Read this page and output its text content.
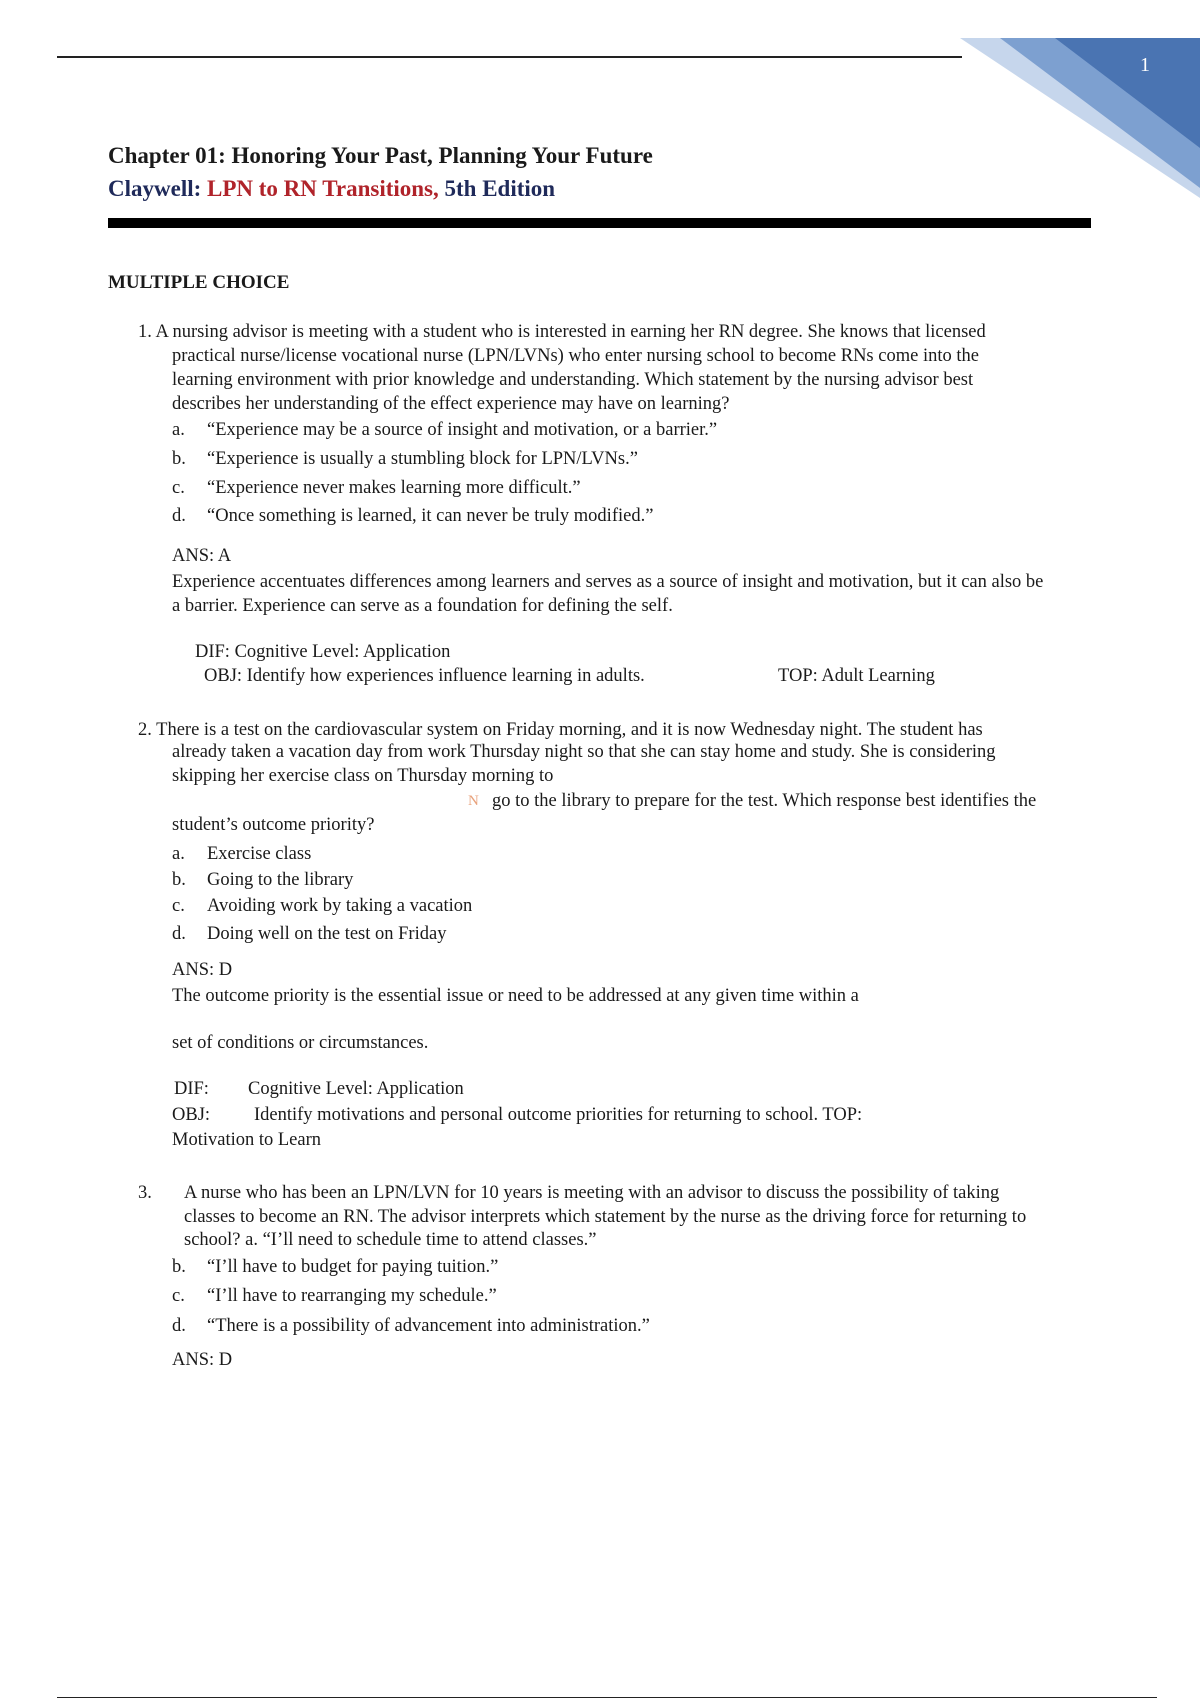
1
Chapter 01: Honoring Your Past, Planning Your Future
Claywell: LPN to RN Transitions, 5th Edition
MULTIPLE CHOICE
1. A nursing advisor is meeting with a student who is interested in earning her RN degree. She knows that licensed
practical nurse/license vocational nurse (LPN/LVNs) who enter nursing school to become RNs come into the
learning environment with prior knowledge and understanding. Which statement by the nursing advisor best
describes her understanding of the effect experience may have on learning?
a. “Experience may be a source of insight and motivation, or a barrier.”
b. “Experience is usually a stumbling block for LPN/LVNs.”
c. “Experience never makes learning more difficult.”
d. “Once something is learned, it can never be truly modified.”
ANS: A
Experience accentuates differences among learners and serves as a source of insight and motivation, but it can also be
a barrier. Experience can serve as a foundation for defining the self.
DIF: Cognitive Level: Application
OBJ: Identify how experiences influence learning in adults.	TOP: Adult Learning
2. There is a test on the cardiovascular system on Friday morning, and it is now Wednesday night. The student has
already taken a vacation day from work Thursday night so that she can stay home and study. She is considering
skipping her exercise class on Thursday morning to
N go to the library to prepare for the test. Which response best identifies the
student’s outcome priority?
a. Exercise class
b. Going to the library
c. Avoiding work by taking a vacation
d. Doing well on the test on Friday
ANS: D
The outcome priority is the essential issue or need to be addressed at any given time within a
set of conditions or circumstances.
DIF: Cognitive Level: Application
OBJ: Identify motivations and personal outcome priorities for returning to school. TOP:
Motivation to Learn
3. A nurse who has been an LPN/LVN for 10 years is meeting with an advisor to discuss the possibility of taking
classes to become an RN. The advisor interprets which statement by the nurse as the driving force for returning to
school? a. “I’ll need to schedule time to attend classes.”
b. “I’ll have to budget for paying tuition.”
c. “I’ll have to rearranging my schedule.”
d. “There is a possibility of advancement into administration.”
ANS: D
